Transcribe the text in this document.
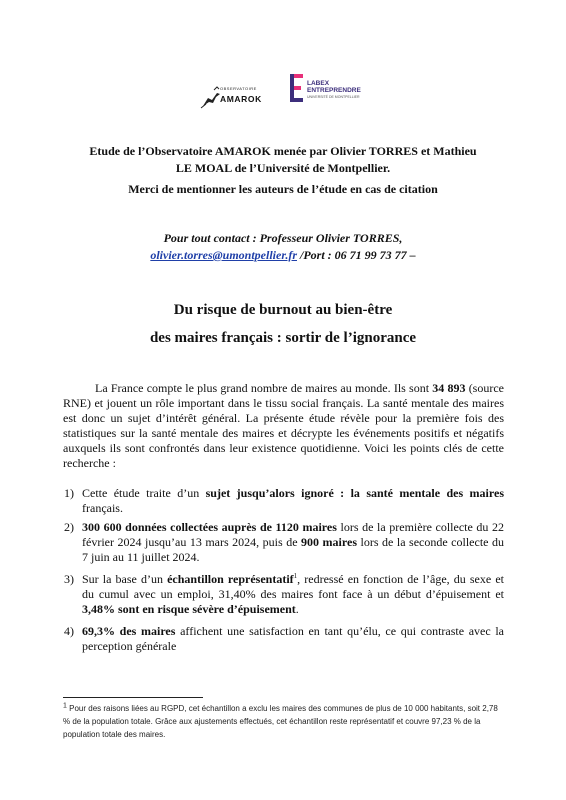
OBSERVATOIRE
AMAROK
LABEX
ENTREPRENDRE
UNIVERSITÉ DE MONTPELLIER
Etude de l’Observatoire AMAROK menée par Olivier TORRES et Mathieu
LE MOAL de l’Université de Montpellier.
Merci de mentionner les auteurs de l’étude en cas de citation
Pour tout contact : Professeur Olivier TORRES,
olivier.torres@umontpellier.fr /Port : 06 71 99 73 77 –
Du risque de burnout au bien-être
des maires français : sortir de l’ignorance

La France compte le plus grand nombre de maires au monde. Ils sont 34 893 (source RNE) et jouent un rôle important dans le tissu social français. La santé mentale des maires est donc un sujet d’intérêt général. La présente étude révèle pour la première fois des statistiques sur la santé mentale des maires et décrypte les événements positifs et négatifs auxquels ils sont confrontés dans leur existence quotidienne. Voici les points clés de cette recherche :

1) Cette étude traite d’un sujet jusqu’alors ignoré : la santé mentale des maires français.
2) 300 600 données collectées auprès de 1120 maires lors de la première collecte du 22 février 2024 jusqu’au 13 mars 2024, puis de 900 maires lors de la seconde collecte du 7 juin au 11 juillet 2024.
3) Sur la base d’un échantillon représentatif$^1$, redressé en fonction de l’âge, du sexe et du cumul avec un emploi, 31,40% des maires font face à un début d’épuisement et 3,48% sont en risque sévère d’épuisement.
4) 69,3% des maires affichent une satisfaction en tant qu’élu, ce qui contraste avec la perception générale
$^1$ Pour des raisons liées au RGPD, cet échantillon a exclu les maires des communes de plus de 10 000 habitants, soit 2,78 % de la population totale. Grâce aux ajustements effectués, cet échantillon reste représentatif et couvre 97,23 % de la population totale des maires.
